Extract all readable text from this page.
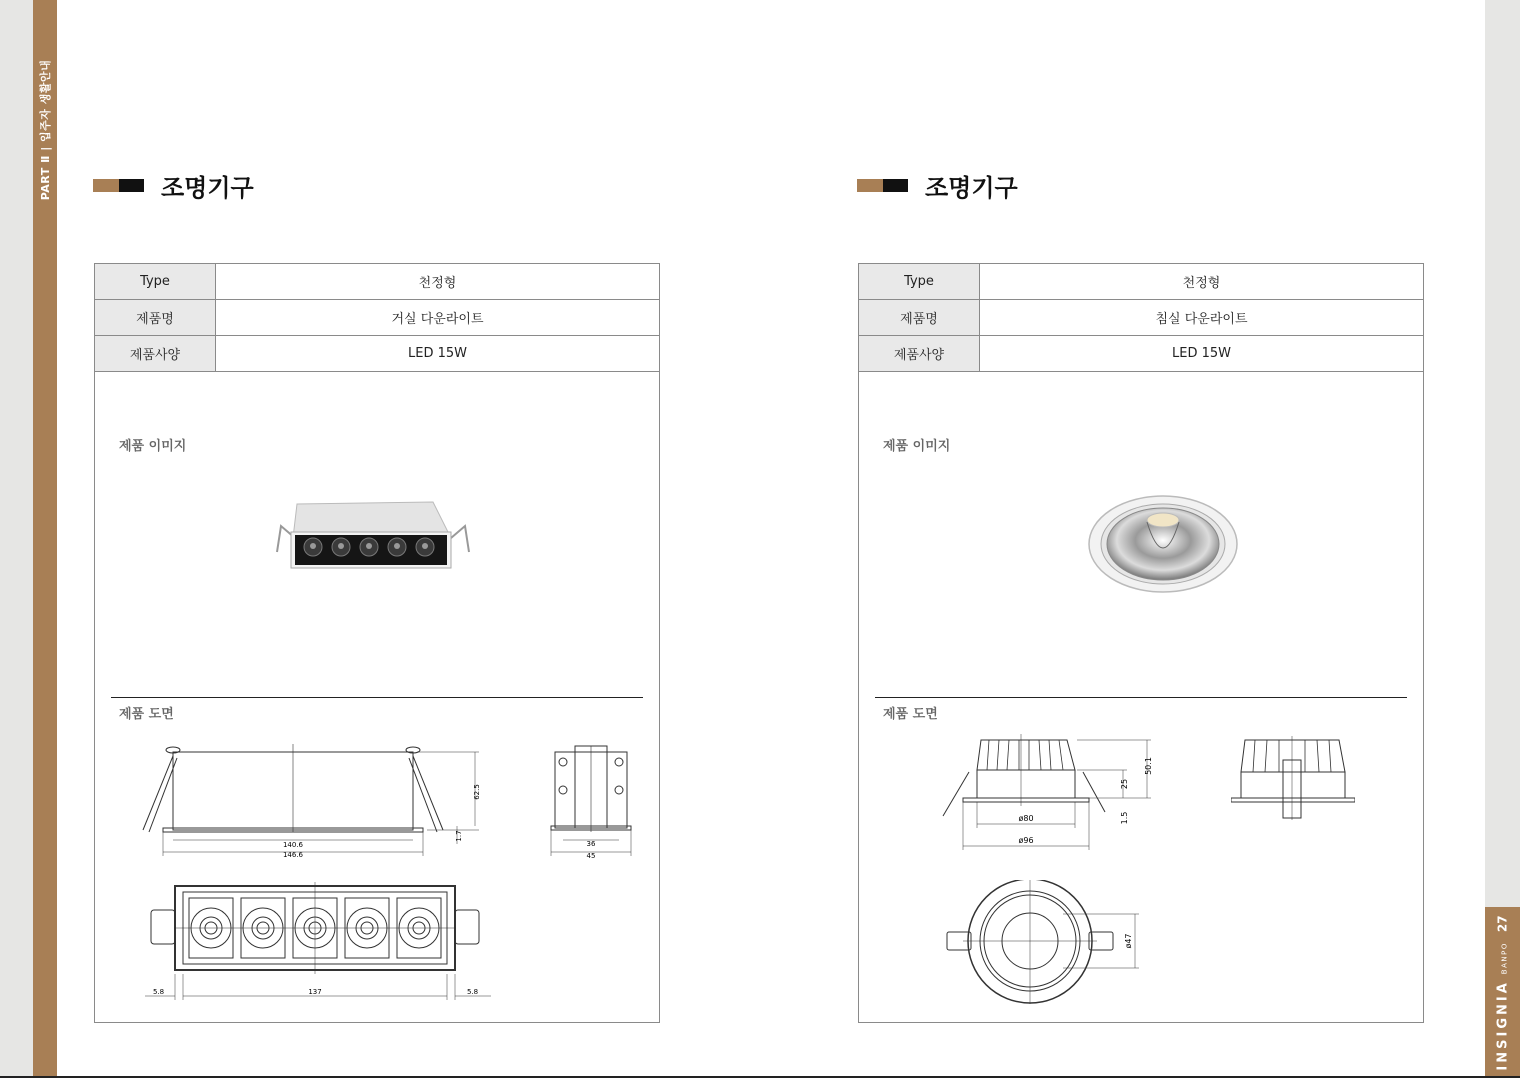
PART Ⅱ | 입주자 생활안내
INSIGNIA
BANPO
27
조명기구
Type	천정형
제품명	거실 다운라이트
제품사양	LED 15W
제품 이미지
제품 도면
62.5
1.7
140.6
146.6
36
45
5.8	137	5.8
조명기구
Type	천정형
제품명	침실 다운라이트
제품사양	LED 15W
제품 이미지
제품 도면
50.1
25
1.5
ø80
ø96
ø47
